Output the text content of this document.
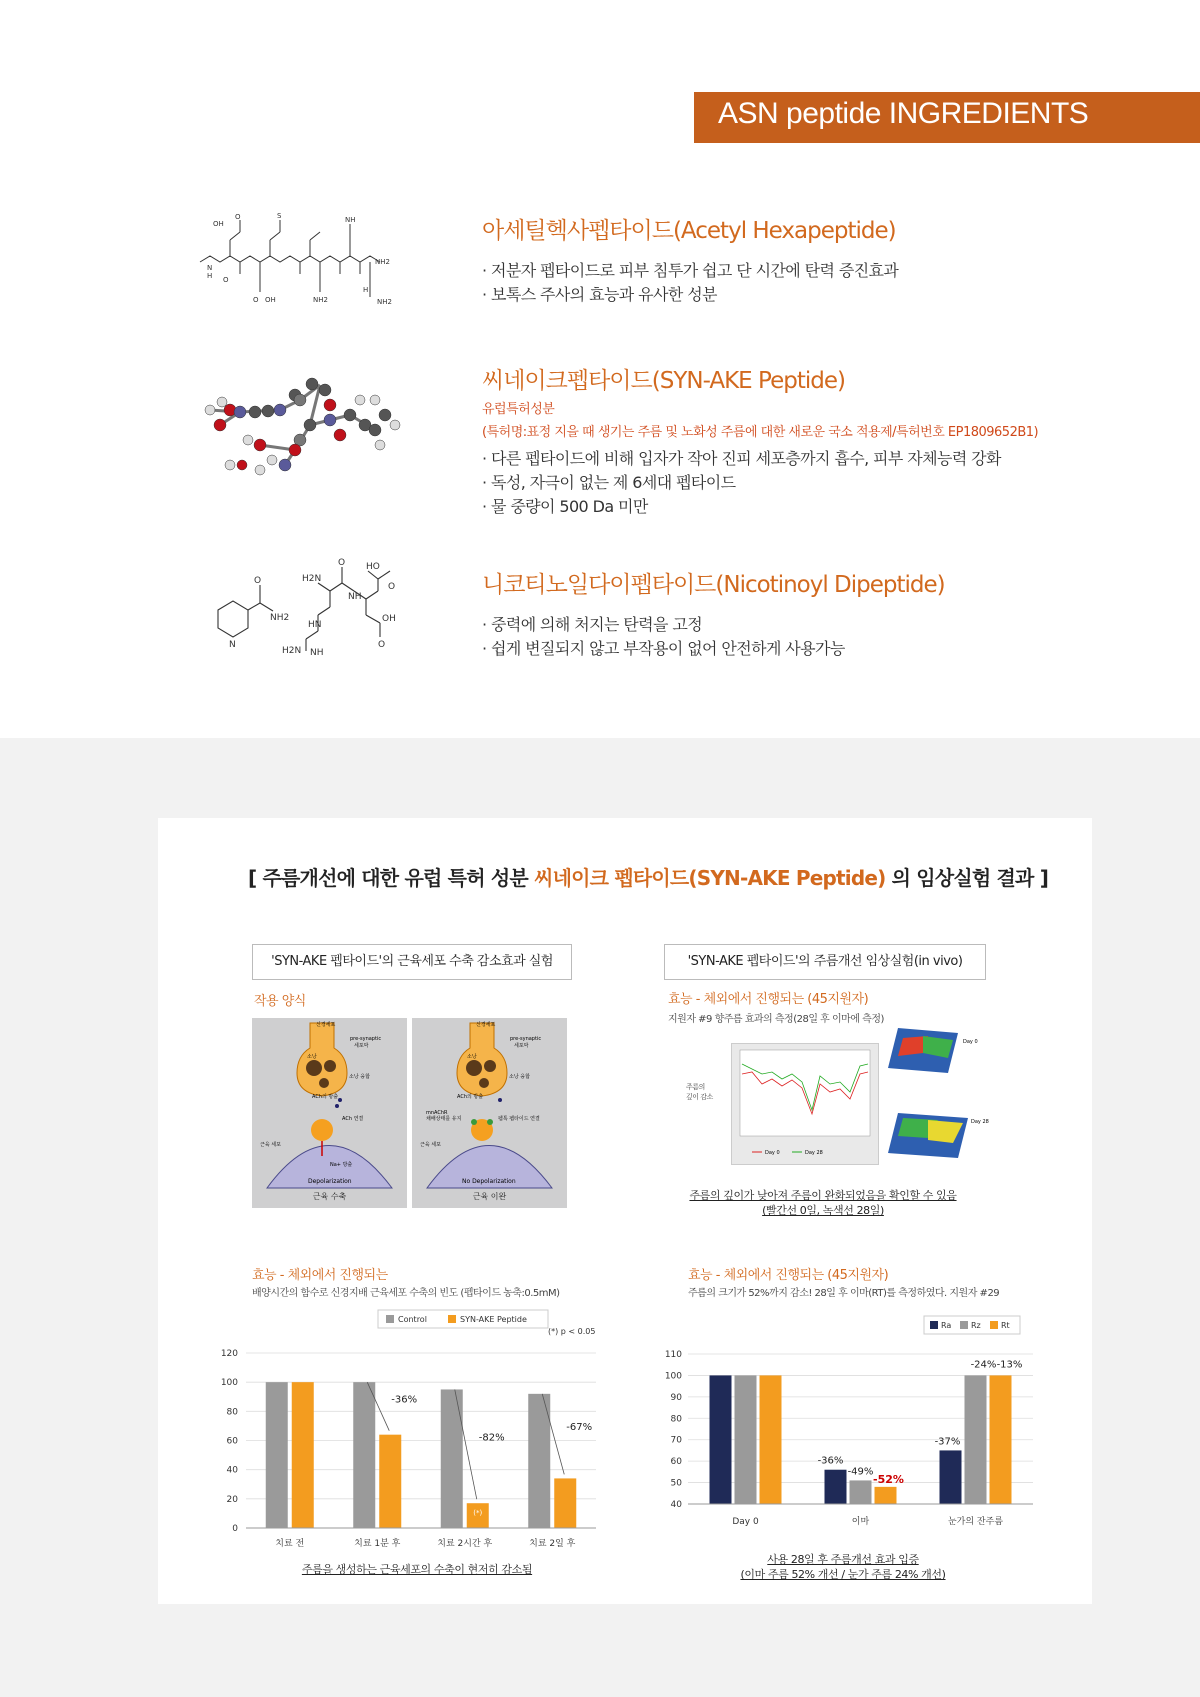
ASN peptide INGREDIENTS
OH
O
O
N
H
NH2
NH
S
O OH	NH2	NH2
H
O
NH2
N
H2N
O HO
O
NH
OH
O
HN
H2N NH
아세틸헥사펩타이드(Acetyl Hexapeptide)
· 저분자 펩타이드로 피부 침투가 쉽고 단 시간에 탄력 증진효과
· 보톡스 주사의 효능과 유사한 성분
씨네이크펩타이드(SYN-AKE Peptide)
유럽특허성분
(특허명:표정 지을 때 생기는 주름 및 노화성 주름에 대한 새로운 국소 적용제/특허번호 EP1809652B1)
· 다른 펩타이드에 비해 입자가 작아 진피 세포층까지 흡수, 피부 자체능력 강화
· 독성, 자극이 없는 제 6세대 펩타이드
· 물 중량이 500 Da 미만
니코티노일다이펩타이드(Nicotinoyl Dipeptide)
· 중력에 의해 처지는 탄력을 고정
· 쉽게 변질되지 않고 부작용이 없어 안전하게 사용가능
[ 주름개선에 대한 유럽 특허 성분 씨네이크 펩타이드(SYN-AKE Peptide) 의 임상실험 결과 ]
'SYN-AKE 펩타이드'의 근육세포 수축 감소효과 실험	'SYN-AKE 펩타이드'의 주름개선 임상실험(in vivo)
작용 양식
신경세포
pre-synaptic
세포막
소낭
소낭 융합
ACh의 방출
ACh 연결
근육 세포
Na+ 방출
Depolarization
근육 수축
신경세포
pre-synaptic
세포막
소낭
소낭 융합
ACh의 방출
mnAChR
채배상태를 유지	펩톡 펩타이드 연결
근육 세포
No Depolarization
근육 이완
효능 - 체외에서 진행되는 (45지원자)
지원자 #9 향주름 효과의 측정(28일 후 이마에 측정)
주름의
깊이 감소
Day 0	Day 28
Day 0
Day 28
주름의 깊이가 낮아져 주름이 완화되었음을 확인할 수 있음
(빨간선 0일, 녹색선 28일)
효능 - 체외에서 진행되는
배양시간의 함수로 신경지배 근육세포 수축의 빈도 (펩타이드 농축:0.5mM)
0
20
40
60
80
100
120
Control	SYN-AKE Peptide
(*) p < 0.05
치료 전	치료 1분 후
-36%
치료 2시간 후
-82%
치료 2일 후
-67%
(*)
주름을 생성하는 근육세포의 수축이 현저히 감소됨
효능 - 체외에서 진행되는 (45지원자)
주름의 크기가 52%까지 감소! 28일 후 이마(RT)를 측정하였다. 지원자 #29
40
50
60
70
80
90
100
110
Ra Rz	Rt
Day 0	이마	눈가의 잔주름
-36%
-49%
-52%
-37%
-24% -13%
사용 28일 후 주름개선 효과 입증
(이마 주름 52% 개선 / 눈가 주름 24% 개선)
